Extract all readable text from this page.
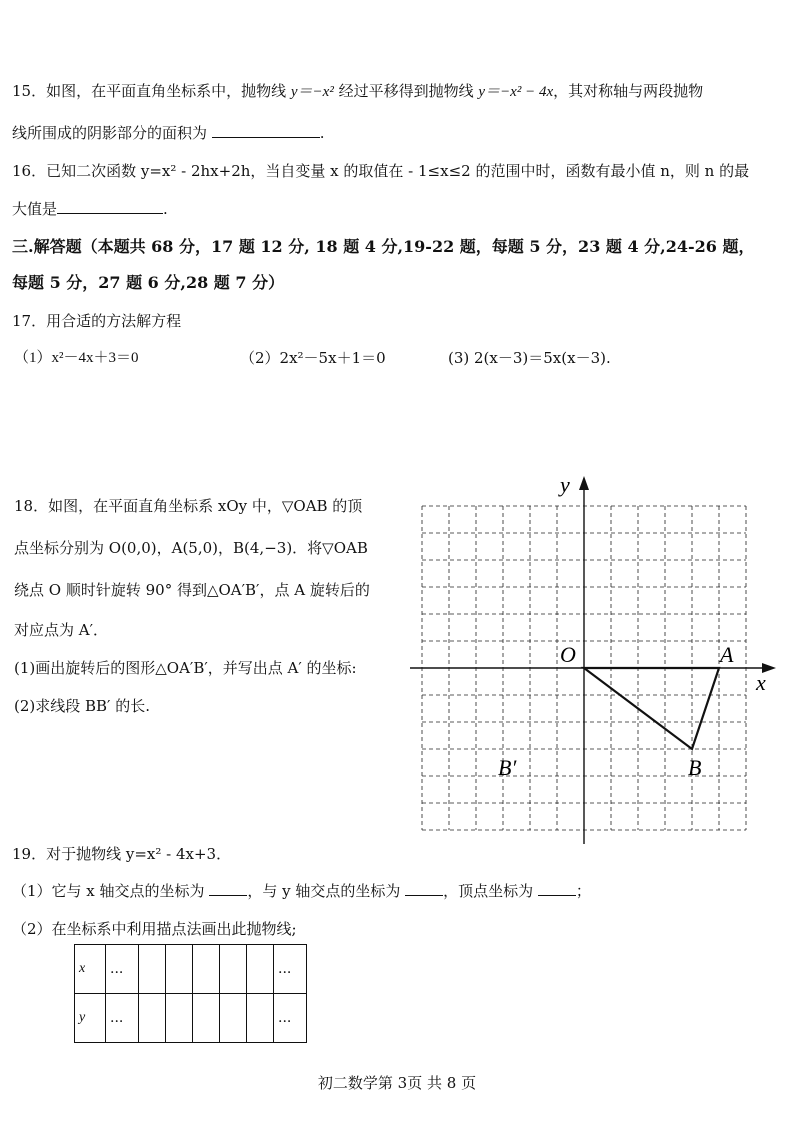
15．如图，在平面直角坐标系中，抛物线 y＝−x² 经过平移得到抛物线 y＝−x² − 4x，其对称轴与两段抛物
线所围成的阴影部分的面积为	.
16．已知二次函数 y=x² - 2hx+2h，当自变量 x 的取值在 - 1≤x≤2 的范围中时，函数有最小值 n，则 n 的最
大值是	.
三.解答题（本题共 68 分，17 题 12 分, 18 题 4 分,19-22 题，每题 5 分，23 题 4 分,24-26 题，
每题 5 分，27 题 6 分,28 题 7 分）
17．用合适的方法解方程
（1）x²－4x＋3＝0	（2）2x²－5x＋1＝0	(3) 2(x－3)＝5x(x－3).
18．如图，在平面直角坐标系 xOy 中，▽OAB 的顶
点坐标分别为 O(0,0)，A(5,0)，B(4,−3)．将▽OAB
绕点 O 顺时针旋转 90° 得到△OA′B′，点 A 旋转后的
对应点为 A′．
(1)画出旋转后的图形△OA′B′，并写出点 A′ 的坐标:
(2)求线段 BB′ 的长.
y
x
O	A
B
B′
19．对于抛物线 y=x² - 4x+3．
（1）它与 x 轴交点的坐标为	，与 y 轴交点的坐标为	，顶点坐标为	；
（2）在坐标系中利用描点法画出此抛物线;
x	...						...
y	...						...
初二数学第 3页 共 8 页
